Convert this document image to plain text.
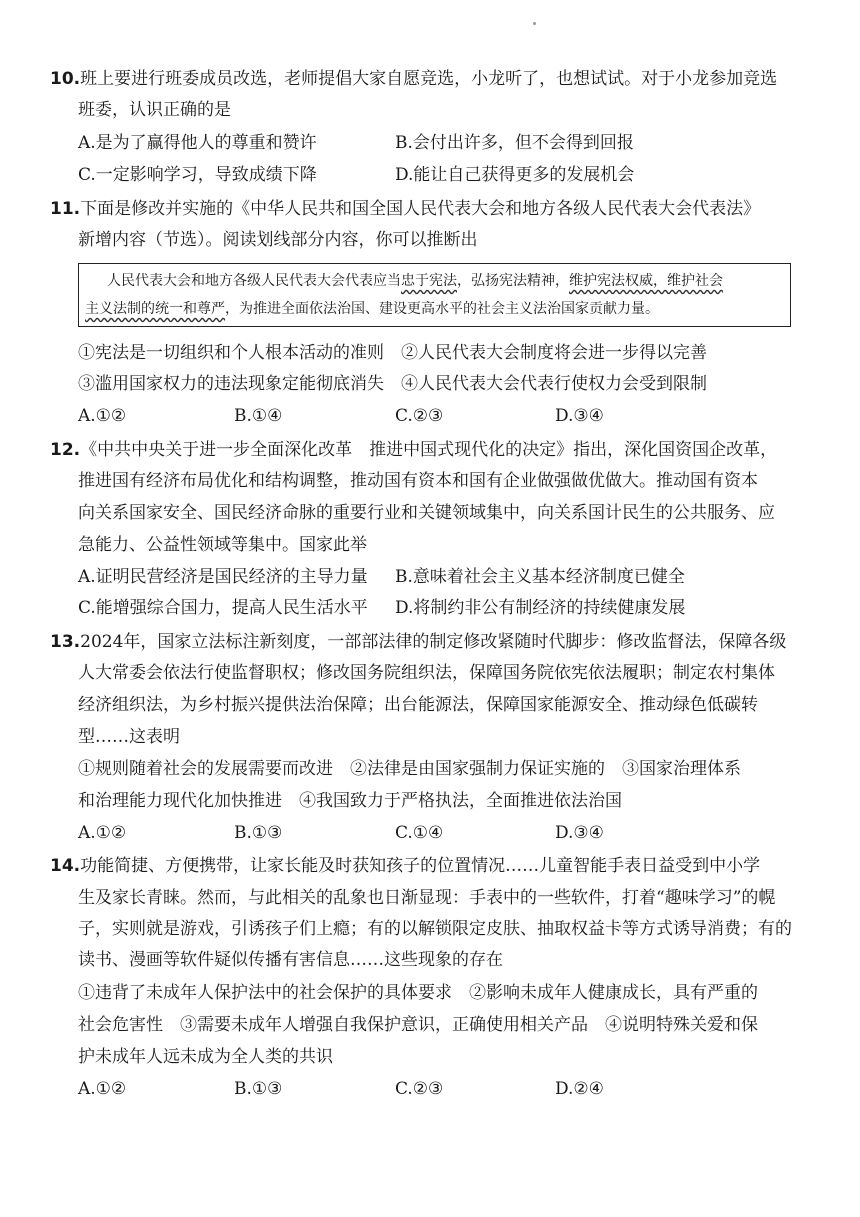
10.班上要进行班委成员改选，老师提倡大家自愿竞选，小龙听了，也想试试。对于小龙参加竞选
班委，认识正确的是
A.是为了赢得他人的尊重和赞许	B.会付出许多，但不会得到回报
C.一定影响学习，导致成绩下降	D.能让自己获得更多的发展机会
11.下面是修改并实施的《中华人民共和国全国人民代表大会和地方各级人民代表大会代表法》
新增内容（节选）。阅读划线部分内容，你可以推断出
人民代表大会和地方各级人民代表大会代表应当忠于宪法，弘扬宪法精神，维护宪法权威，维护社会
主义法制的统一和尊严，为推进全面依法治国、建设更高水平的社会主义法治国家贡献力量。
①宪法是一切组织和个人根本活动的准则　②人民代表大会制度将会进一步得以完善
③滥用国家权力的违法现象定能彻底消失　④人民代表大会代表行使权力会受到限制
A.①②	B.①④	C.②③	D.③④
12.《中共中央关于进一步全面深化改革　推进中国式现代化的决定》指出，深化国资国企改革，
推进国有经济布局优化和结构调整，推动国有资本和国有企业做强做优做大。推动国有资本
向关系国家安全、国民经济命脉的重要行业和关键领域集中，向关系国计民生的公共服务、应
急能力、公益性领域等集中。国家此举
A.证明民营经济是国民经济的主导力量 B.意味着社会主义基本经济制度已健全
C.能增强综合国力，提高人民生活水平 D.将制约非公有制经济的持续健康发展
13.2024年，国家立法标注新刻度，一部部法律的制定修改紧随时代脚步：修改监督法，保障各级
人大常委会依法行使监督职权；修改国务院组织法，保障国务院依宪依法履职；制定农村集体
经济组织法，为乡村振兴提供法治保障；出台能源法，保障国家能源安全、推动绿色低碳转
型……这表明
①规则随着社会的发展需要而改进　②法律是由国家强制力保证实施的　③国家治理体系
和治理能力现代化加快推进　④我国致力于严格执法，全面推进依法治国
A.①②	B.①③	C.①④	D.③④
14.功能简捷、方便携带，让家长能及时获知孩子的位置情况……儿童智能手表日益受到中小学
生及家长青睐。然而，与此相关的乱象也日渐显现：手表中的一些软件，打着“趣味学习”的幌
子，实则就是游戏，引诱孩子们上瘾；有的以解锁限定皮肤、抽取权益卡等方式诱导消费；有的
读书、漫画等软件疑似传播有害信息……这些现象的存在
①违背了未成年人保护法中的社会保护的具体要求　②影响未成年人健康成长，具有严重的
社会危害性　③需要未成年人增强自我保护意识，正确使用相关产品　④说明特殊关爱和保
护未成年人远未成为全人类的共识
A.①②	B.①③	C.②③	D.②④
